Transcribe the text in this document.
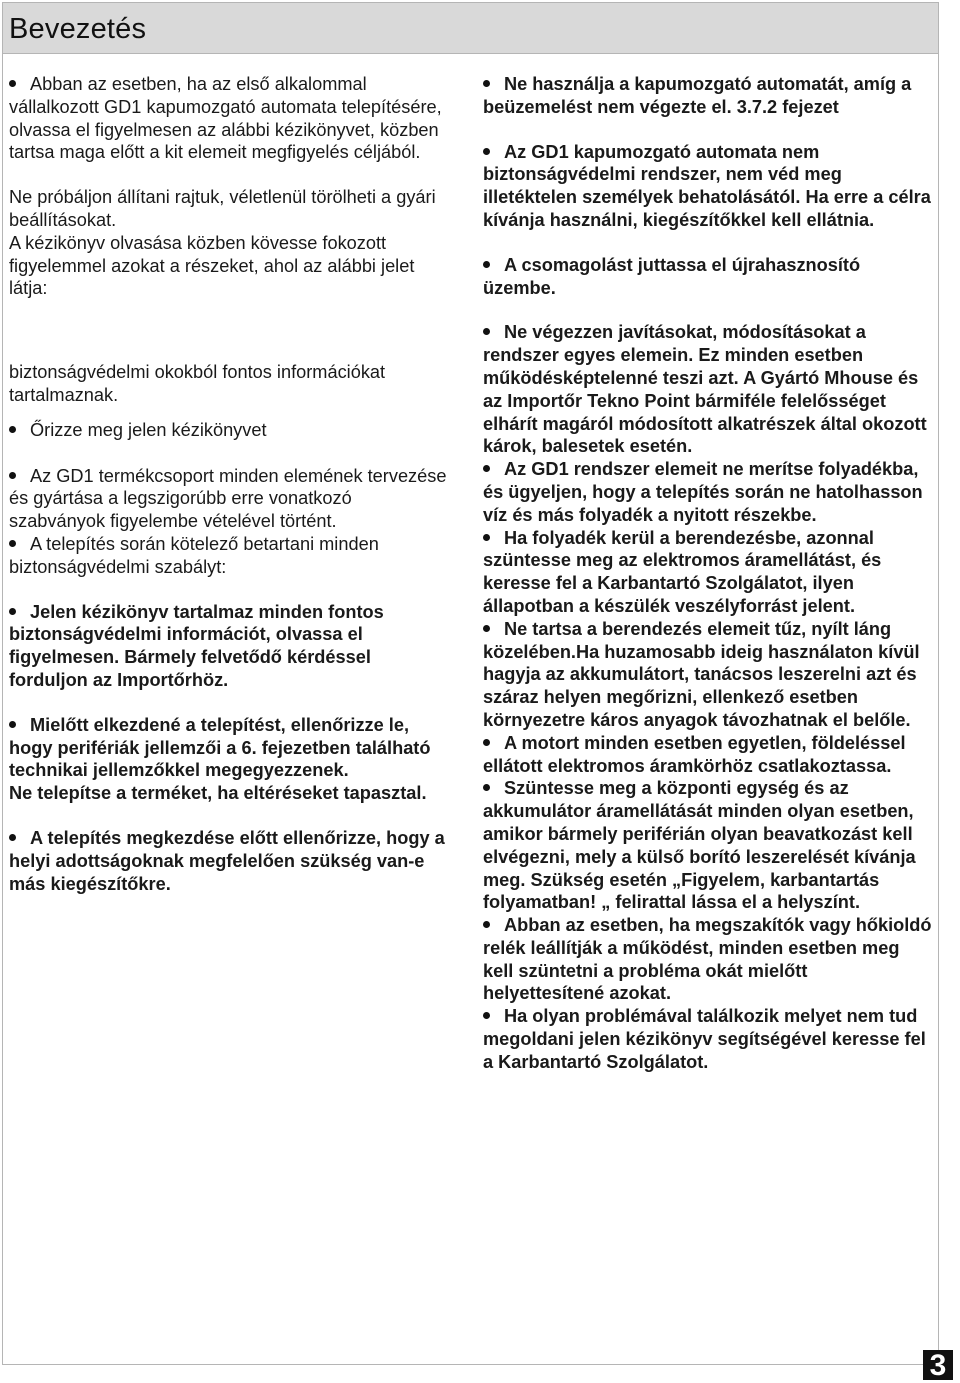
Bevezetés

Abban az esetben, ha az első alkalommal vállalkozott GD1 kapumozgató automata telepítésére, olvassa el figyelmesen az alábbi kézikönyvet, közben tartsa maga előtt a kit elemeit megfigyelés céljából.

Ne próbáljon állítani rajtuk, véletlenül törölheti a gyári beállításokat.

A kézikönyv olvasása közben kövesse fokozott figyelemmel azokat a részeket, ahol az alábbi jelet látja:

biztonságvédelmi okokból fontos információkat tartalmaznak.

Őrizze meg jelen kézikönyvet

Az GD1 termékcsoport minden elemének tervezése és gyártása a legszigorúbb erre vonatkozó szabványok figyelembe vételével történt.

A telepítés során kötelező betartani minden biztonságvédelmi szabályt:

Jelen kézikönyv tartalmaz minden fontos biztonságvédelmi információt, olvassa el figyelmesen. Bármely felvetődő kérdéssel forduljon az Importőrhöz.

Mielőtt elkezdené a telepítést, ellenőrizze le, hogy perifériák jellemzői a 6. fejezetben található technikai jellemzőkkel megegyezzenek.

Ne telepítse a terméket, ha eltéréseket tapasztal.

A telepítés megkezdése előtt ellenőrizze, hogy a helyi adottságoknak megfelelően szükség van-e más kiegészítőkre.

Ne használja a kapumozgató automatát, amíg a beüzemelést nem végezte el. 3.7.2 fejezet

Az GD1 kapumozgató automata nem biztonságvédelmi rendszer, nem véd meg illetéktelen személyek behatolásától. Ha erre a célra kívánja használni, kiegészítőkkel kell ellátnia.

A csomagolást juttassa el újrahasznosító üzembe.

Ne végezzen javításokat, módosításokat a rendszer egyes elemein. Ez minden esetben működésképtelenné teszi azt. A Gyártó Mhouse és az Importőr Tekno Point bármiféle felelősséget elhárít magáról módosított alkatrészek által okozott károk, balesetek esetén.

Az GD1 rendszer elemeit ne merítse folyadékba, és ügyeljen, hogy a telepítés során ne hatolhasson víz és más folyadék a nyitott részekbe.

Ha folyadék kerül a berendezésbe, azonnal szüntesse meg az elektromos áramellátást, és keresse fel a Karbantartó Szolgálatot, ilyen állapotban a készülék veszélyforrást jelent.

Ne tartsa a berendezés elemeit tűz, nyílt láng közelében.Ha huzamosabb ideig használaton kívül hagyja az akkumulátort, tanácsos leszerelni azt és száraz helyen megőrizni, ellenkező esetben környezetre káros anyagok távozhatnak el belőle.

A motort minden esetben egyetlen, földeléssel ellátott elektromos áramkörhöz csatlakoztassa.

Szüntesse meg a központi egység és az akkumulátor áramellátását minden olyan esetben, amikor bármely periférián olyan beavatkozást kell elvégezni, mely a külső borító leszerelését kívánja meg. Szükség esetén „Figyelem, karbantartás folyamatban! „ felirattal lássa el a helyszínt.

Abban az esetben, ha megszakítók vagy hőkioldó relék leállítják a működést, minden esetben meg kell szüntetni a probléma okát mielőtt helyettesítené azokat.

Ha olyan problémával találkozik melyet nem tud megoldani jelen kézikönyv segítségével keresse fel a Karbantartó Szolgálatot.

3
